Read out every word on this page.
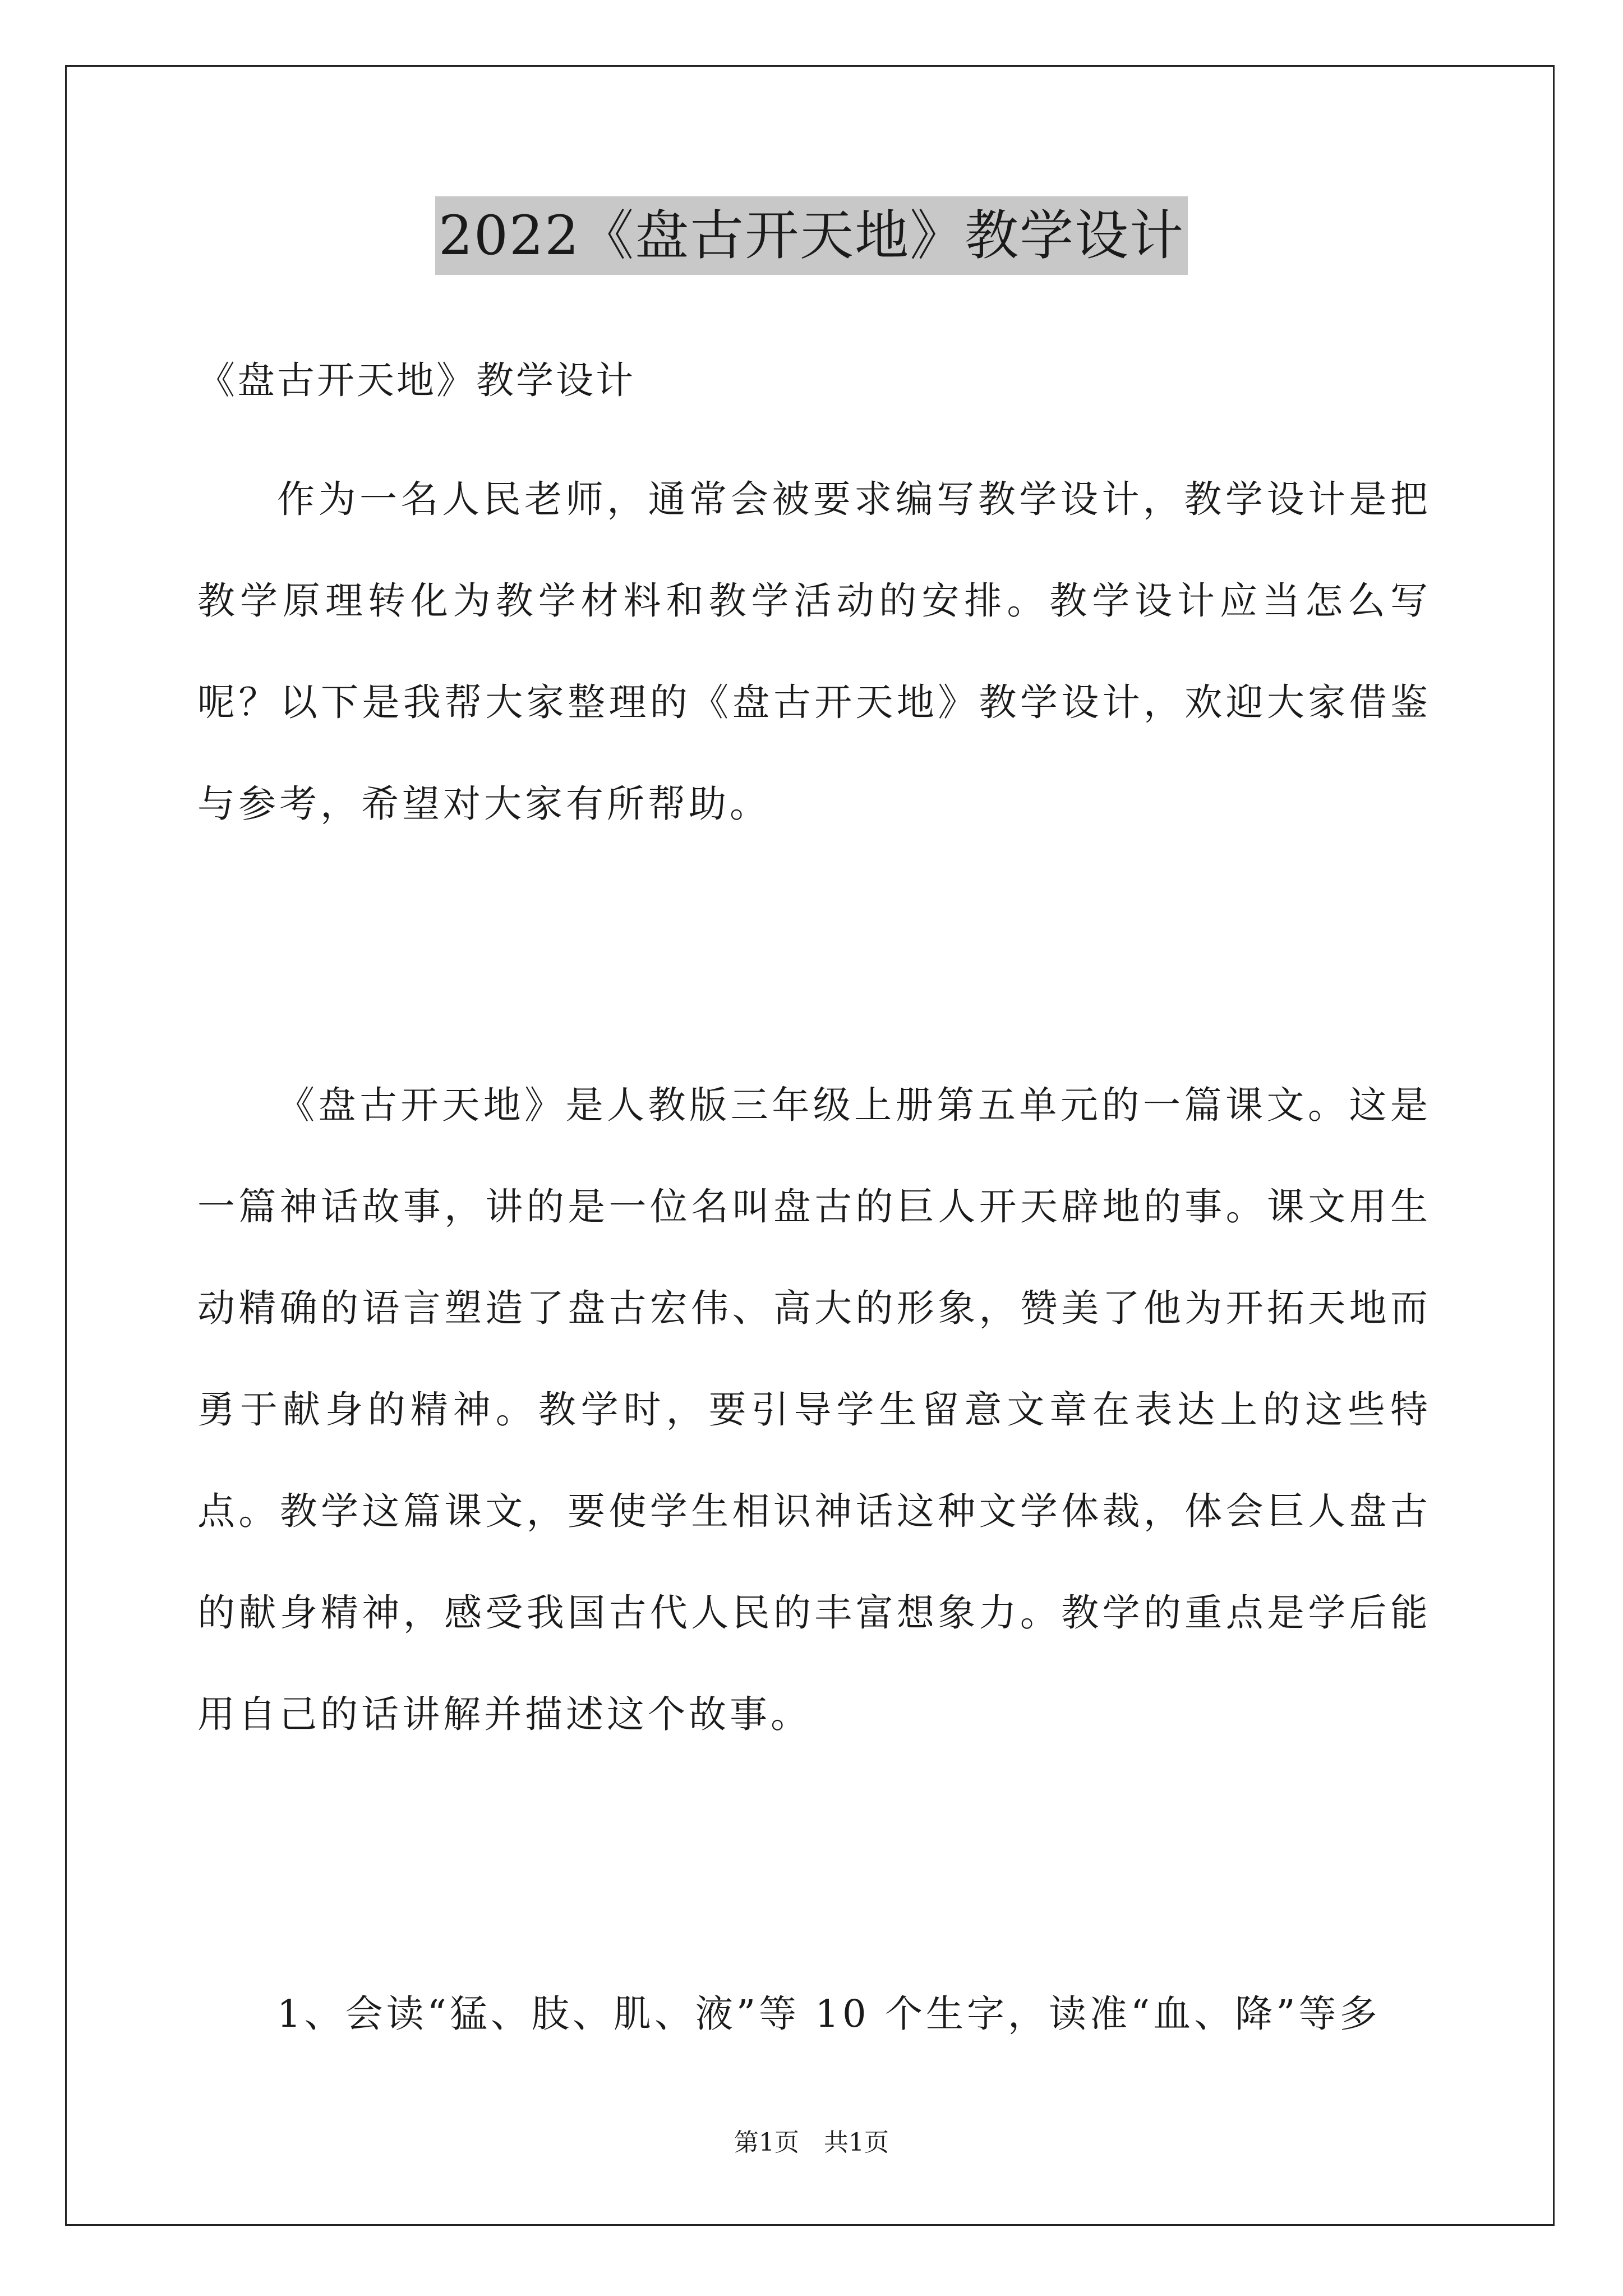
2022《盘古开天地》教学设计
《盘古开天地》教学设计

作为一名人民老师，通常会被要求编写教学设计，教学设计是把教学原理转化为教学材料和教学活动的安排。教学设计应当怎么写呢？以下是我帮大家整理的《盘古开天地》教学设计，欢迎大家借鉴与参考，希望对大家有所帮助。

《盘古开天地》是人教版三年级上册第五单元的一篇课文。这是一篇神话故事，讲的是一位名叫盘古的巨人开天辟地的事。课文用生动精确的语言塑造了盘古宏伟、高大的形象，赞美了他为开拓天地而勇于献身的精神。教学时，要引导学生留意文章在表达上的这些特点。教学这篇课文，要使学生相识神话这种文学体裁，体会巨人盘古的献身精神，感受我国古代人民的丰富想象力。教学的重点是学后能用自己的话讲解并描述这个故事。

1、会读“猛、肢、肌、液”等 10 个生字，读准“血、降”等多

第1页　共1页
